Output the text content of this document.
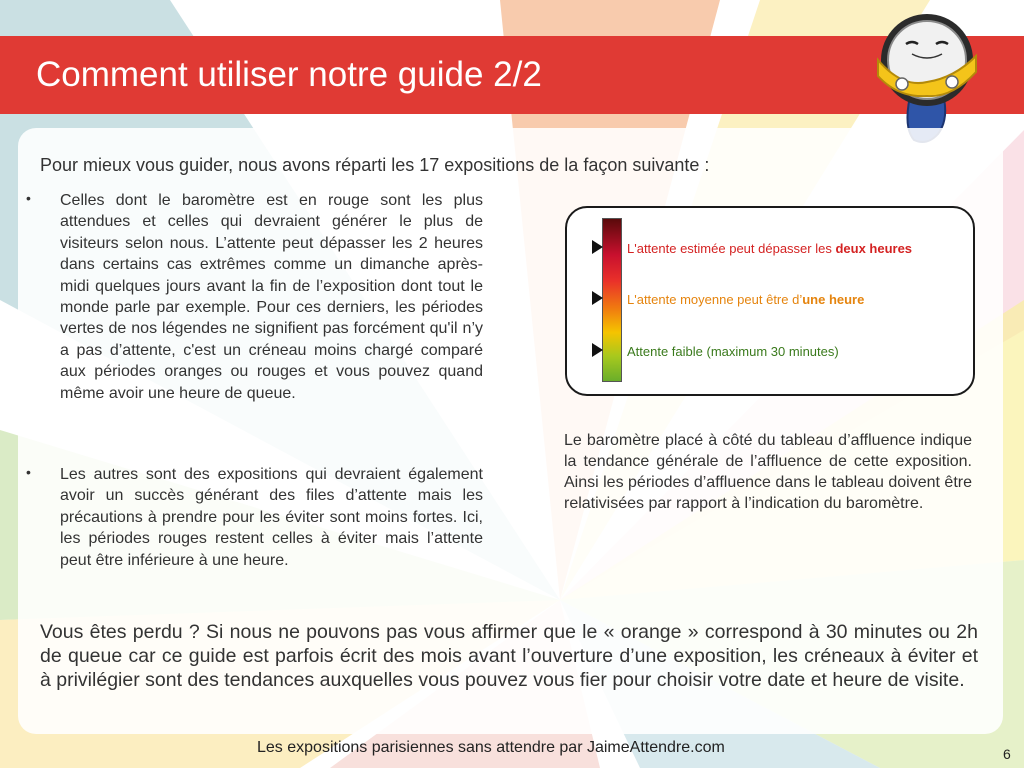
Comment utiliser notre guide 2/2
Pour mieux vous guider, nous avons réparti les 17 expositions de la façon suivante :
•	Celles dont le baromètre est en rouge sont les plus attendues et celles qui devraient générer le plus de visiteurs selon nous. L’attente peut dépasser les 2 heures dans certains cas extrêmes comme un dimanche après-midi quelques jours avant la fin de l’exposition dont tout le monde parle par exemple. Pour ces derniers, les périodes vertes de nos légendes ne signifient pas forcément qu'il n’y a pas d’attente, c'est un créneau moins chargé comparé aux périodes oranges ou rouges et vous pouvez quand même avoir une heure de queue.

•	Les autres sont des expositions qui devraient également avoir un succès générant des files d’attente mais les précautions à prendre pour les éviter sont moins fortes. Ici, les périodes rouges restent celles à éviter mais l’attente peut être inférieure à une heure.

L'attente estimée peut dépasser les deux heures
L'attente moyenne peut être d’une heure
Attente faible (maximum 30 minutes)
Le baromètre placé à côté du tableau d’affluence indique la tendance générale de l’affluence de cette exposition. Ainsi les périodes d’affluence dans le tableau doivent être relativisées par rapport à l’indication du baromètre.
Vous êtes perdu ? Si nous ne pouvons pas vous affirmer que le « orange » correspond à 30 minutes ou 2h de queue car ce guide est parfois écrit des mois avant l’ouverture d’une exposition, les créneaux à éviter et à privilégier sont des tendances auxquelles vous pouvez vous fier pour choisir votre date et heure de visite.
Les expositions parisiennes sans attendre par JaimeAttendre.com	6
